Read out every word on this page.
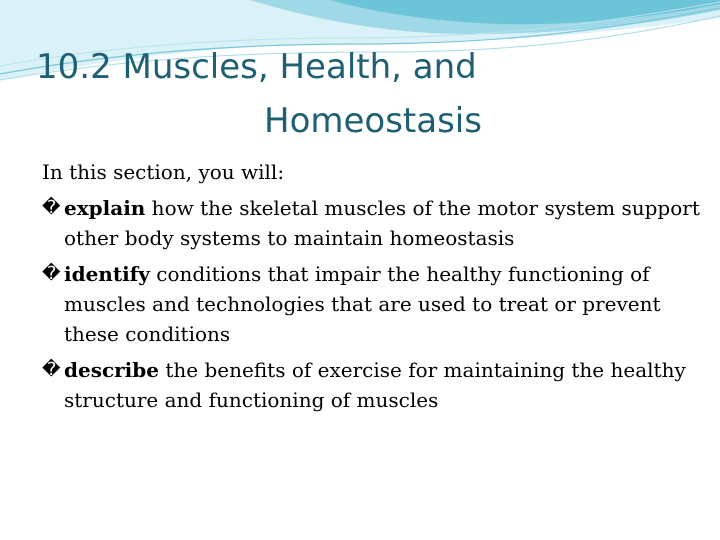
10.2 Muscles, Health, and
Homeostasis

In this section, you will:

� explain how the skeletal muscles of the motor system support other body systems to maintain homeostasis
� identify conditions that impair the healthy functioning of muscles and technologies that are used to treat or prevent these conditions
� describe the benefits of exercise for maintaining the healthy structure and functioning of muscles
